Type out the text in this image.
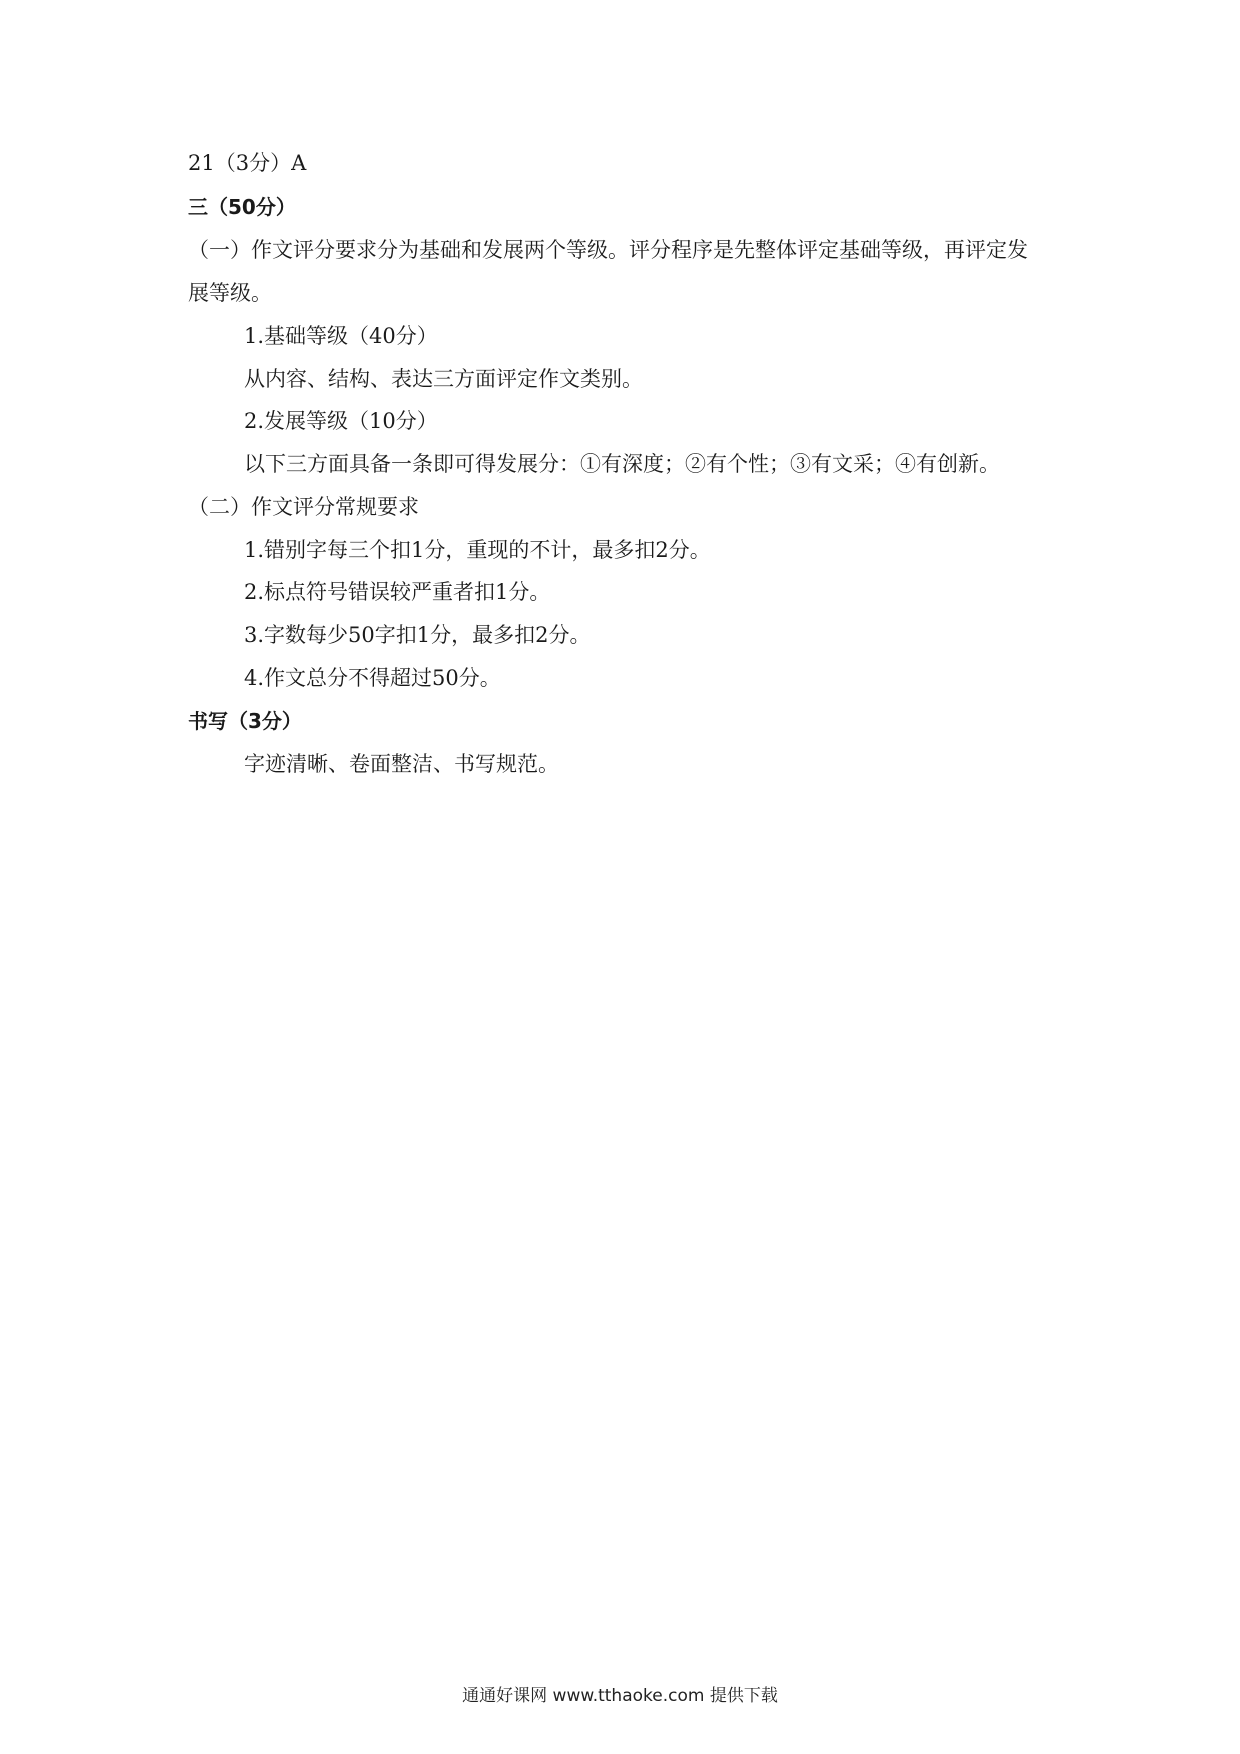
21（3分）A
三（50分）
（一）作文评分要求分为基础和发展两个等级。评分程序是先整体评定基础等级，再评定发
展等级。
1.基础等级（40分）
从内容、结构、表达三方面评定作文类别。
2.发展等级（10分）
以下三方面具备一条即可得发展分：①有深度；②有个性；③有文采；④有创新。
（二）作文评分常规要求
1.错别字每三个扣1分，重现的不计，最多扣2分。
2.标点符号错误较严重者扣1分。
3.字数每少50字扣1分，最多扣2分。
4.作文总分不得超过50分。
书写（3分）
字迹清晰、卷面整洁、书写规范。
通通好课网 www.tthaoke.com 提供下载
